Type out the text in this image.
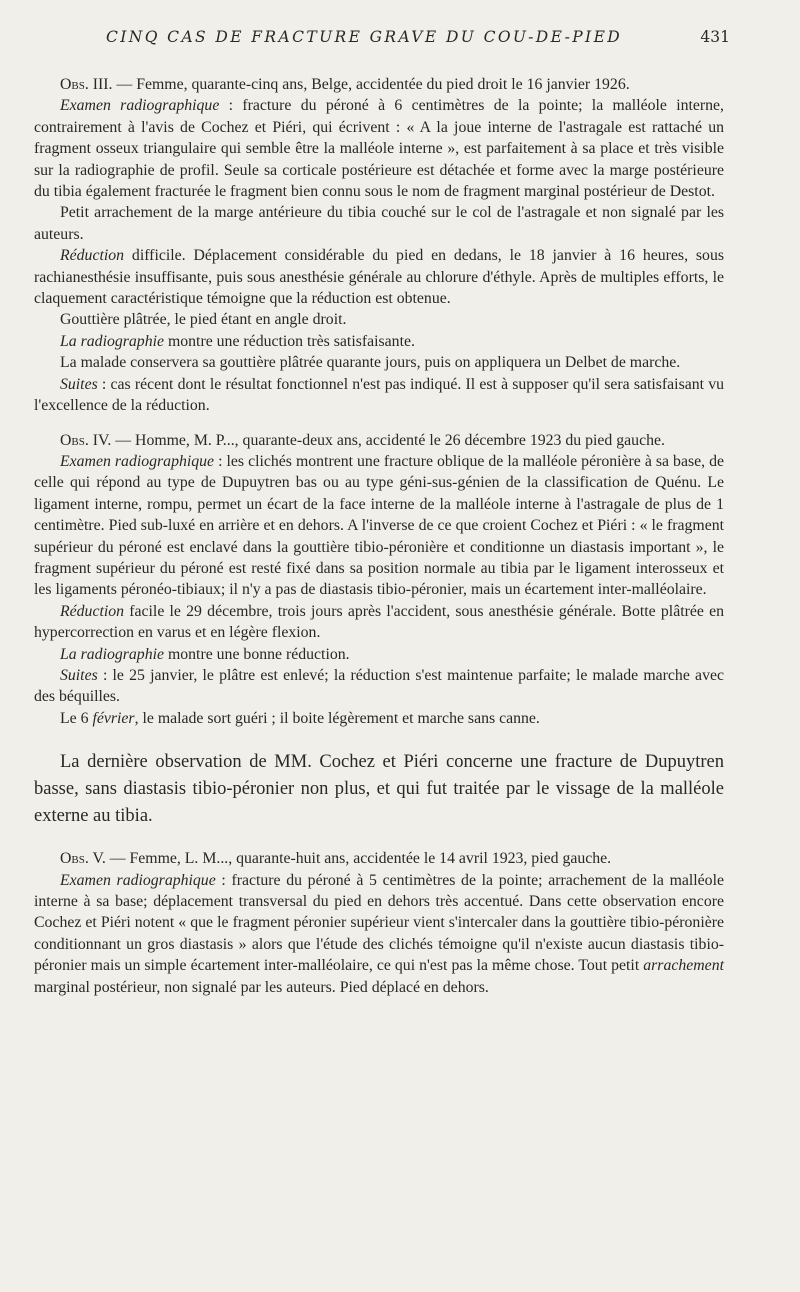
CINQ CAS DE FRACTURE GRAVE DU COU-DE-PIED	431

Obs. III. — Femme, quarante-cinq ans, Belge, accidentée du pied droit le 16 janvier 1926.

Examen radiographique : fracture du péroné à 6 centimètres de la pointe; la malléole interne, contrairement à l'avis de Cochez et Piéri, qui écrivent : « A la joue interne de l'astragale est rattaché un fragment osseux triangulaire qui semble être la malléole interne », est parfaitement à sa place et très visible sur la radiographie de profil. Seule sa corticale postérieure est détachée et forme avec la marge postérieure du tibia également fracturée le fragment bien connu sous le nom de fragment marginal postérieur de Destot.

Petit arrachement de la marge antérieure du tibia couché sur le col de l'astragale et non signalé par les auteurs.

Réduction difficile. Déplacement considérable du pied en dedans, le 18 janvier à 16 heures, sous rachianesthésie insuffisante, puis sous anesthésie générale au chlorure d'éthyle. Après de multiples efforts, le claquement caractéristique témoigne que la réduction est obtenue.

Gouttière plâtrée, le pied étant en angle droit.

La radiographie montre une réduction très satisfaisante.

La malade conservera sa gouttière plâtrée quarante jours, puis on appliquera un Delbet de marche.

Suites : cas récent dont le résultat fonctionnel n'est pas indiqué. Il est à supposer qu'il sera satisfaisant vu l'excellence de la réduction.

Obs. IV. — Homme, M. P..., quarante-deux ans, accidenté le 26 décembre 1923 du pied gauche.

Examen radiographique : les clichés montrent une fracture oblique de la malléole péronière à sa base, de celle qui répond au type de Dupuytren bas ou au type géni-sus-génien de la classification de Quénu. Le ligament interne, rompu, permet un écart de la face interne de la malléole interne à l'astragale de plus de 1 centimètre. Pied sub-luxé en arrière et en dehors. A l'inverse de ce que croient Cochez et Piéri : « le fragment supérieur du péroné est enclavé dans la gouttière tibio-péronière et conditionne un diastasis important », le fragment supérieur du péroné est resté fixé dans sa position normale au tibia par le ligament interosseux et les ligaments péronéo-tibiaux; il n'y a pas de diastasis tibio-péronier, mais un écartement inter-malléolaire.

Réduction facile le 29 décembre, trois jours après l'accident, sous anesthésie générale. Botte plâtrée en hypercorrection en varus et en légère flexion.

La radiographie montre une bonne réduction.

Suites : le 25 janvier, le plâtre est enlevé; la réduction s'est maintenue parfaite; le malade marche avec des béquilles.

Le 6 février, le malade sort guéri ; il boite légèrement et marche sans canne.

La dernière observation de MM. Cochez et Piéri concerne une fracture de Dupuytren basse, sans diastasis tibio-péronier non plus, et qui fut traitée par le vissage de la malléole externe au tibia.

Obs. V. — Femme, L. M..., quarante-huit ans, accidentée le 14 avril 1923, pied gauche.

Examen radiographique : fracture du péroné à 5 centimètres de la pointe; arrachement de la malléole interne à sa base; déplacement transversal du pied en dehors très accentué. Dans cette observation encore Cochez et Piéri notent « que le fragment péronier supérieur vient s'intercaler dans la gouttière tibio-péronière conditionnant un gros diastasis » alors que l'étude des clichés témoigne qu'il n'existe aucun diastasis tibio-péronier mais un simple écartement inter-malléolaire, ce qui n'est pas la même chose. Tout petit arrachement marginal postérieur, non signalé par les auteurs. Pied déplacé en dehors.
